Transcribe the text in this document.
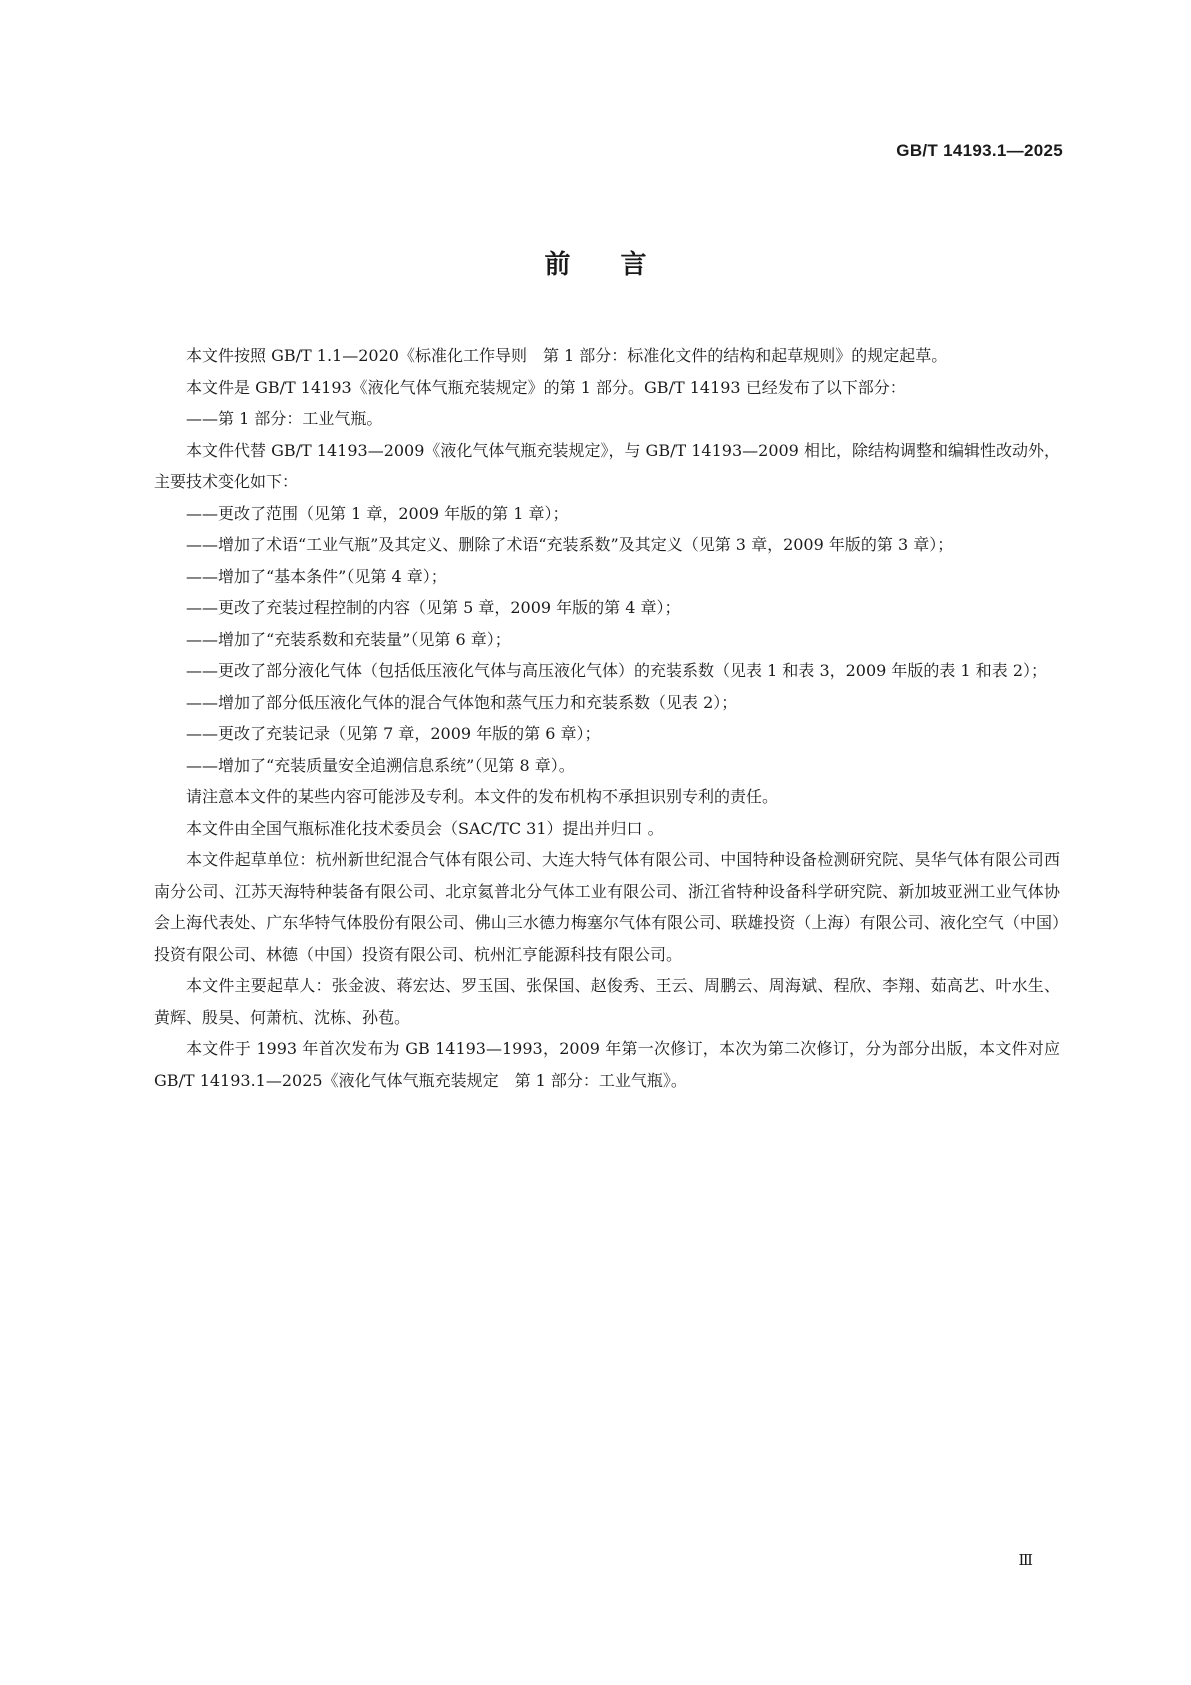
GB/T 14193.1—2025
前言

本文件按照 GB/T 1.1—2020《标准化工作导则　第 1 部分：标准化文件的结构和起草规则》的规定起草。

本文件是 GB/T 14193《液化气体气瓶充装规定》的第 1 部分。GB/T 14193 已经发布了以下部分：

——第 1 部分：工业气瓶。

本文件代替 GB/T 14193—2009《液化气体气瓶充装规定》，与 GB/T 14193—2009 相比，除结构调整和编辑性改动外，主要技术变化如下：

——更改了范围（见第 1 章，2009 年版的第 1 章）；

——增加了术语“工业气瓶”及其定义、删除了术语“充装系数”及其定义（见第 3 章，2009 年版的第 3 章）；

——增加了“基本条件”（见第 4 章）；

——更改了充装过程控制的内容（见第 5 章，2009 年版的第 4 章）；

——增加了“充装系数和充装量”（见第 6 章）；

——更改了部分液化气体（包括低压液化气体与高压液化气体）的充装系数（见表 1 和表 3，2009 年版的表 1 和表 2）；

——增加了部分低压液化气体的混合气体饱和蒸气压力和充装系数（见表 2）；

——更改了充装记录（见第 7 章，2009 年版的第 6 章）；

——增加了“充装质量安全追溯信息系统”（见第 8 章）。

请注意本文件的某些内容可能涉及专利。本文件的发布机构不承担识别专利的责任。

本文件由全国气瓶标准化技术委员会（SAC/TC 31）提出并归口 。

本文件起草单位：杭州新世纪混合气体有限公司、大连大特气体有限公司、中国特种设备检测研究院、昊华气体有限公司西南分公司、江苏天海特种装备有限公司、北京氦普北分气体工业有限公司、浙江省特种设备科学研究院、新加坡亚洲工业气体协会上海代表处、广东华特气体股份有限公司、佛山三水德力梅塞尔气体有限公司、联雄投资（上海）有限公司、液化空气（中国）投资有限公司、林德（中国）投资有限公司、杭州汇亨能源科技有限公司。

本文件主要起草人：张金波、蒋宏达、罗玉国、张保国、赵俊秀、王云、周鹏云、周海斌、程欣、李翔、茹高艺、叶水生、黄辉、殷昊、何萧杭、沈栋、孙苞。

本文件于 1993 年首次发布为 GB 14193—1993，2009 年第一次修订，本次为第二次修订，分为部分出版，本文件对应 GB/T 14193.1—2025《液化气体气瓶充装规定　第 1 部分：工业气瓶》。

Ⅲ
